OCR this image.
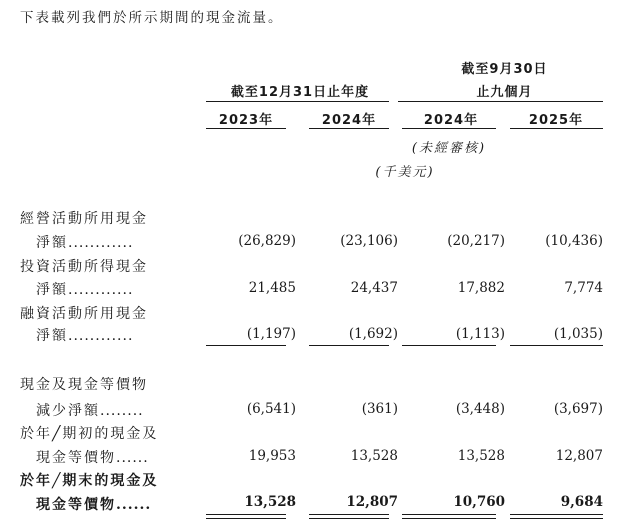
下表載列我們於所示期間的現金流量。
截至9月30日
截至12月31日止年度	止九個月
2023年	2024年	2024年	2025年
(未經審核)
(千美元)
經營活動所用現金
淨額............	(26,829)	(23,106)	(20,217)	(10,436)
投資活動所得現金
淨額............	21,485	24,437	17,882	7,774
融資活動所用現金
淨額............	(1,197)	(1,692)	(1,113)	(1,035)
現金及現金等價物
減少淨額........	(6,541)	(361)	(3,448)	(3,697)
於年╱期初的現金及
現金等價物......	19,953	13,528	13,528	12,807
於年╱期末的現金及
現金等價物......	13,528	12,807	10,760	9,684
